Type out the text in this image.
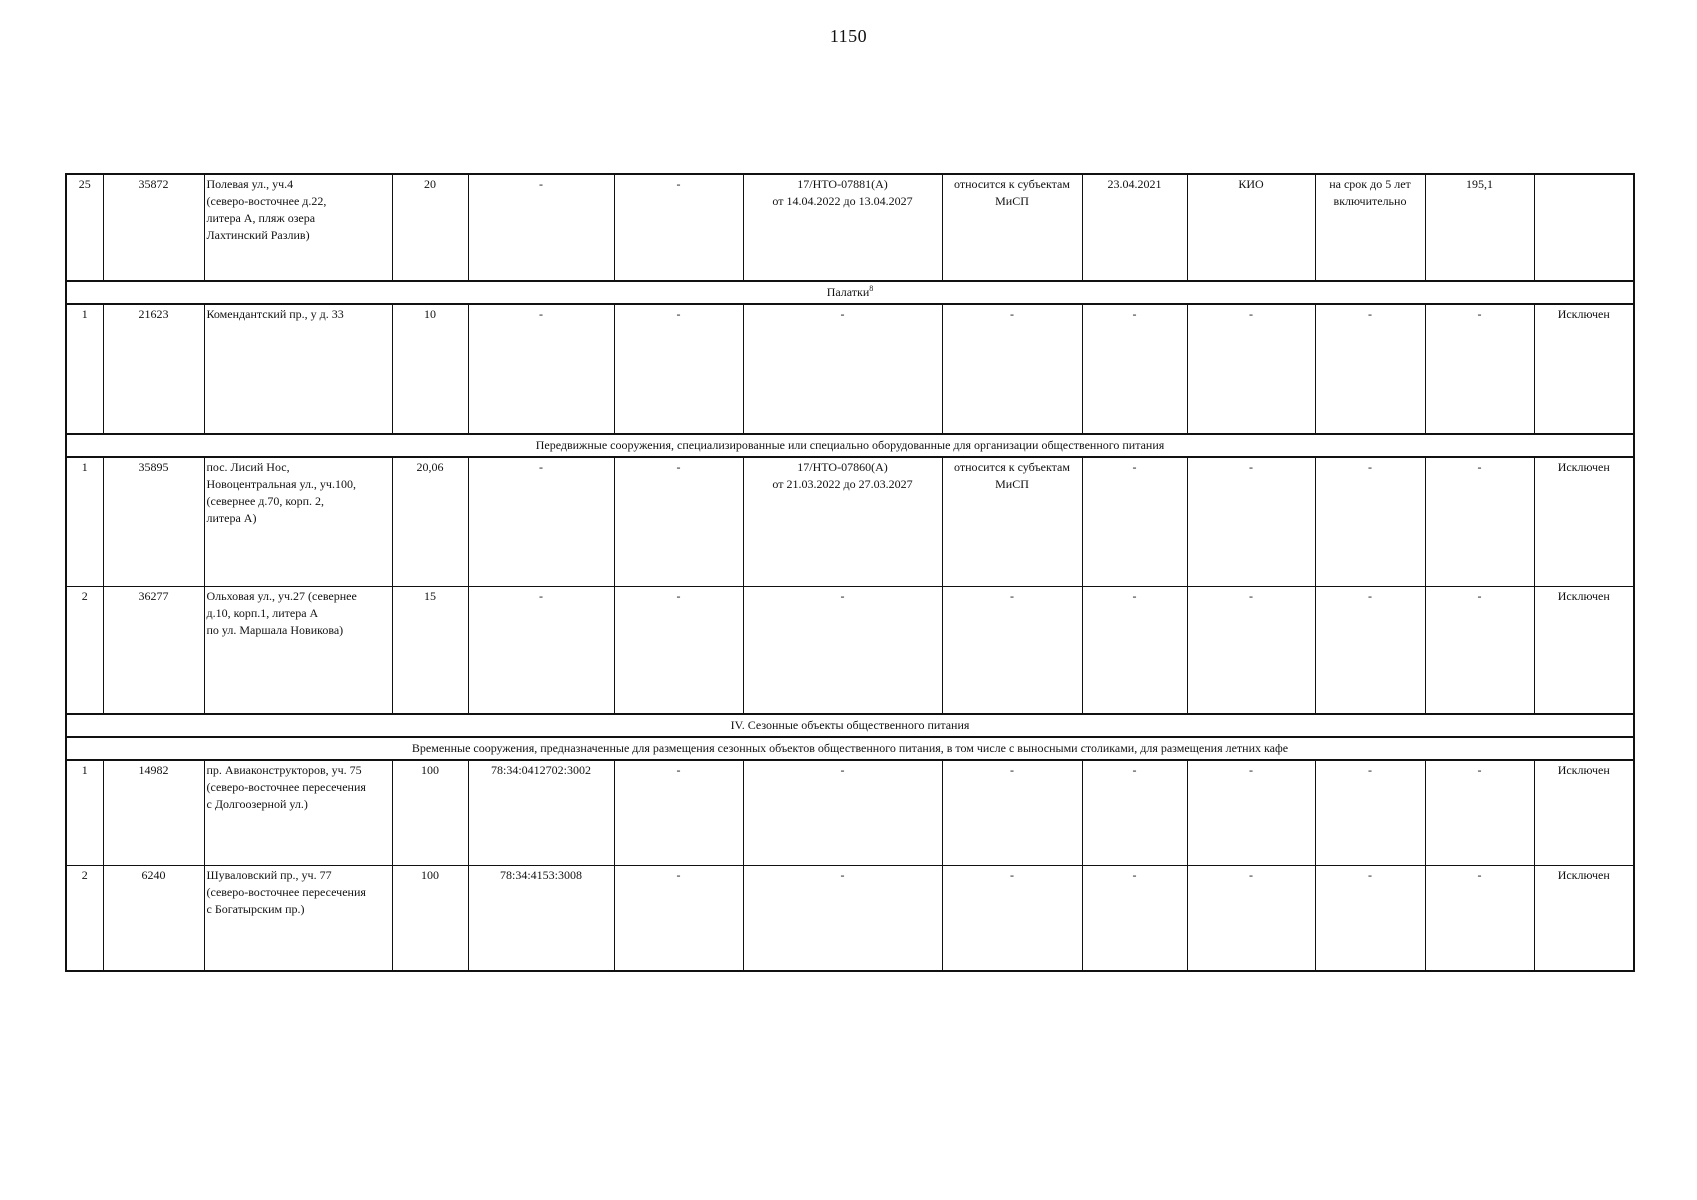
1150
25	35872	Полевая ул., уч.4
(северо-восточнее д.22,
литера А, пляж озера
Лахтинский Разлив)	20	-	-	17/НТО-07881(А)
от 14.04.2022 до 13.04.2027	относится к субъектам
МиСП	23.04.2021	КИО	на срок до 5 лет
включительно	195,1	
Палатки$^8$
1	21623	Комендантский пр., у д. 33	10	-	-	-	-	-	-	-	-	Исключен
Передвижные сооружения, специализированные или специально оборудованные для организации общественного питания												
1	35895	пос. Лисий Нос,
Новоцентральная ул., уч.100,
(севернее д.70, корп. 2,
литера А)	20,06	-	-	17/НТО-07860(А)
от 21.03.2022 до 27.03.2027	относится к субъектам
МиСП	-	-	-	-	Исключен
2	36277	Ольховая ул., уч.27 (севернее
д.10, корп.1, литера А
по ул. Маршала Новикова)	15	-	-	-	-	-	-	-	-	Исключен
IV. Сезонные объекты общественного питания												
Временные сооружения, предназначенные для размещения сезонных объектов общественного питания, в том числе с выносными столиками, для размещения летних кафе												
1	14982	пр. Авиаконструкторов, уч. 75
(северо-восточнее пересечения
с Долгоозерной ул.)	100	78:34:0412702:3002	-	-	-	-	-	-	-	Исключен
2	6240	Шуваловский пр., уч. 77
(северо-восточнее пересечения
с Богатырским пр.)	100	78:34:4153:3008	-	-	-	-	-	-	-	Исключен
